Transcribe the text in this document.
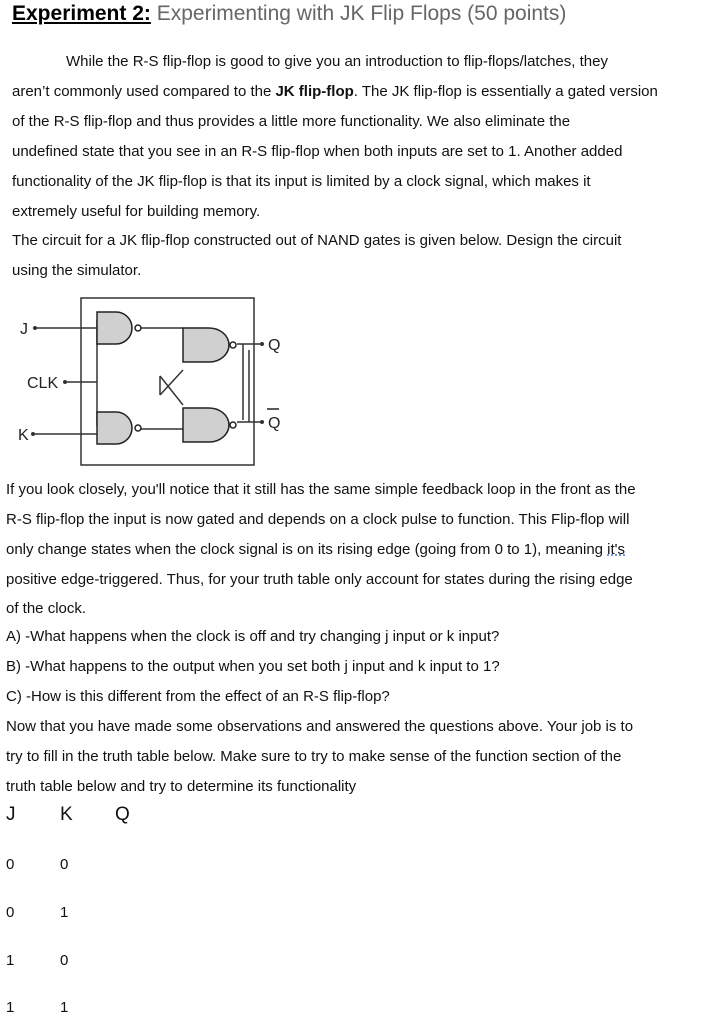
Experiment 2: Experimenting with JK Flip Flops (50 points)
While the R-S flip-flop is good to give you an introduction to flip-flops/latches, they
aren’t commonly used compared to the JK flip-flop. The JK flip-flop is essentially a gated version
of the R-S flip-flop and thus provides a little more functionality. We also eliminate the
undefined state that you see in an R-S flip-flop when both inputs are set to 1. Another added
functionality of the JK flip-flop is that its input is limited by a clock signal, which makes it
extremely useful for building memory.
The circuit for a JK flip-flop constructed out of NAND gates is given below. Design the circuit
using the simulator.
J
CLK
K
Q
Q
If you look closely, you'll notice that it still has the same simple feedback loop in the front as the
R-S flip-flop the input is now gated and depends on a clock pulse to function. This Flip-flop will
only change states when the clock signal is on its rising edge (going from 0 to 1), meaning it's
positive edge-triggered. Thus, for your truth table only account for states during the rising edge
of the clock.
A) -What happens when the clock is off and try changing j input or k input?
B) -What happens to the output when you set both j input and k input to 1?
C) -How is this different from the effect of an R-S flip-flop?
Now that you have made some observations and answered the questions above. Your job is to
try to fill in the truth table below. Make sure to try to make sense of the function section of the
truth table below and try to determine its functionality
J K Q
0	0
0	1
1	0
1	1
